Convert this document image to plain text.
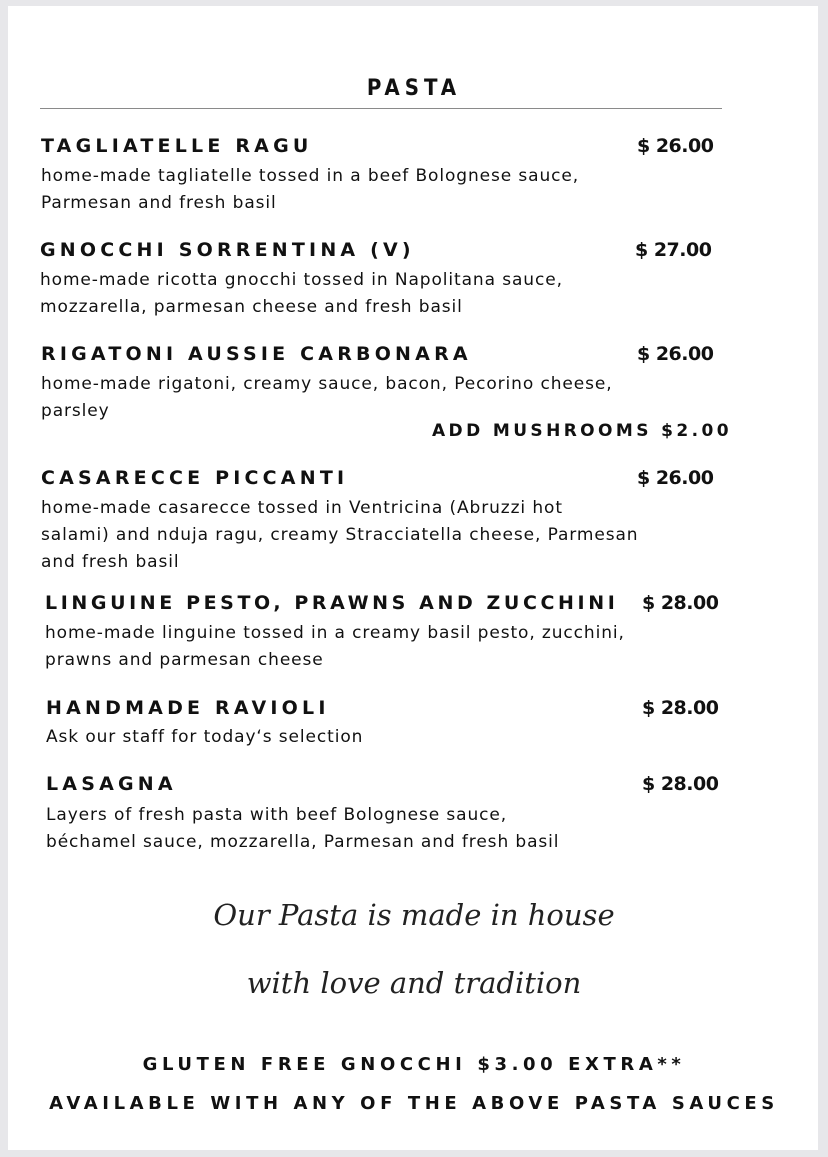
PASTA
TAGLIATELLE RAGU	$ 26.00
home-made tagliatelle tossed in a beef Bolognese sauce,
Parmesan and fresh basil
GNOCCHI SORRENTINA (V)	$ 27.00
home-made ricotta gnocchi tossed in Napolitana sauce,
mozzarella, parmesan cheese and fresh basil
RIGATONI AUSSIE CARBONARA	$ 26.00
home-made rigatoni, creamy sauce, bacon, Pecorino cheese,
parsley
ADD MUSHROOMS $2.00
CASARECCE PICCANTI	$ 26.00
home-made casarecce tossed in Ventricina (Abruzzi hot
salami) and nduja ragu, creamy Stracciatella cheese, Parmesan
and fresh basil
LINGUINE PESTO, PRAWNS AND ZUCCHINI $ 28.00
home-made linguine tossed in a creamy basil pesto, zucchini,
prawns and parmesan cheese
HANDMADE RAVIOLI	$ 28.00
Ask our staff for today‘s selection
LASAGNA	$ 28.00
Layers of fresh pasta with beef Bolognese sauce,
béchamel sauce, mozzarella, Parmesan and fresh basil
Our Pasta is made in house
with love and tradition
GLUTEN FREE GNOCCHI $3.00 EXTRA**
AVAILABLE WITH ANY OF THE ABOVE PASTA SAUCES
